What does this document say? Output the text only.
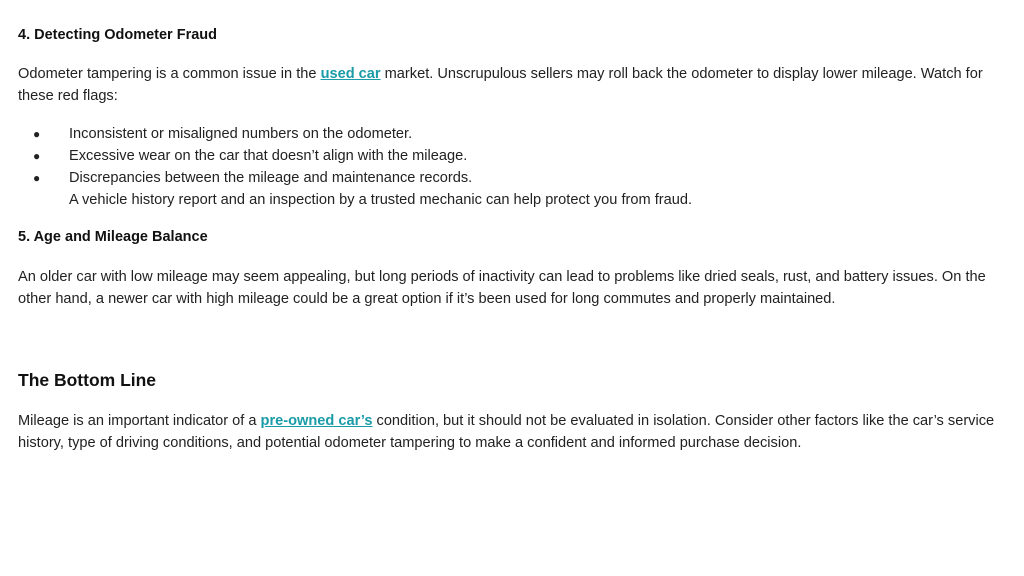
4. Detecting Odometer Fraud
Odometer tampering is a common issue in the used car market. Unscrupulous sellers may roll back the odometer to display lower mileage. Watch for these red flags:
● Inconsistent or misaligned numbers on the odometer.
● Excessive wear on the car that doesn’t align with the mileage.
● Discrepancies between the mileage and maintenance records.
A vehicle history report and an inspection by a trusted mechanic can help protect you from fraud.
5. Age and Mileage Balance
An older car with low mileage may seem appealing, but long periods of inactivity can lead to problems like dried seals, rust, and battery issues. On the other hand, a newer car with high mileage could be a great option if it’s been used for long commutes and properly maintained.
The Bottom Line
Mileage is an important indicator of a pre-owned car’s condition, but it should not be evaluated in isolation. Consider other factors like the car’s service history, type of driving conditions, and potential odometer tampering to make a confident and informed purchase decision.
